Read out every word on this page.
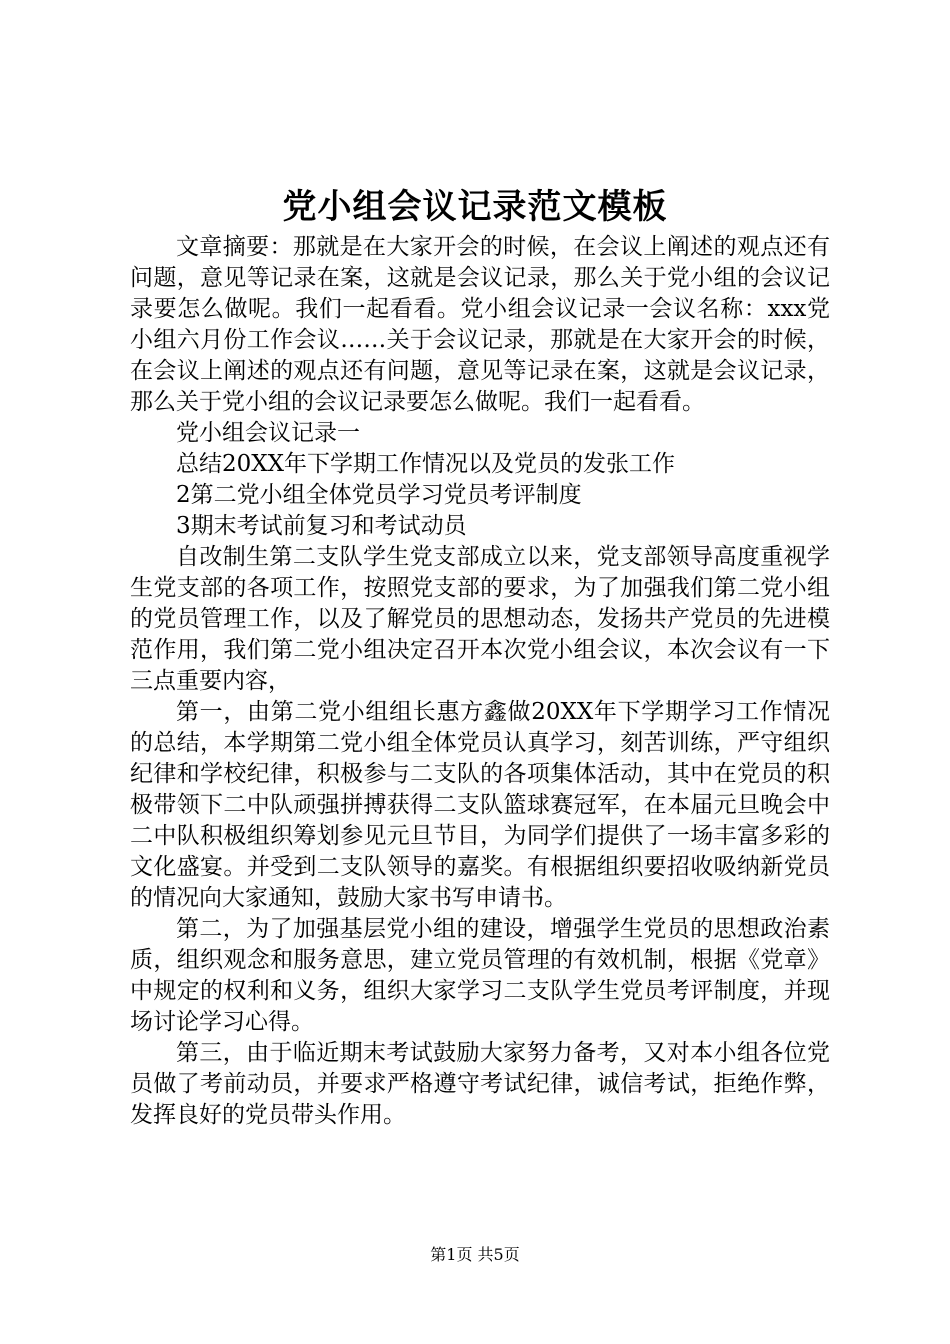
党小组会议记录范文模板

文章摘要：那就是在大家开会的时候，在会议上阐述的观点还有问题，意见等记录在案，这就是会议记录，那么关于党小组的会议记录要怎么做呢。我们一起看看。党小组会议记录一会议名称：xxx党小组六月份工作会议……关于会议记录，那就是在大家开会的时候，在会议上阐述的观点还有问题，意见等记录在案，这就是会议记录，那么关于党小组的会议记录要怎么做呢。我们一起看看。

党小组会议记录一

总结20XX年下学期工作情况以及党员的发张工作

2第二党小组全体党员学习党员考评制度

3期末考试前复习和考试动员

自改制生第二支队学生党支部成立以来，党支部领导高度重视学生党支部的各项工作，按照党支部的要求，为了加强我们第二党小组的党员管理工作，以及了解党员的思想动态，发扬共产党员的先进模范作用，我们第二党小组决定召开本次党小组会议，本次会议有一下三点重要内容，

第一，由第二党小组组长惠方鑫做20XX年下学期学习工作情况的总结，本学期第二党小组全体党员认真学习，刻苦训练，严守组织纪律和学校纪律，积极参与二支队的各项集体活动，其中在党员的积极带领下二中队顽强拼搏获得二支队篮球赛冠军，在本届元旦晚会中二中队积极组织筹划参见元旦节目，为同学们提供了一场丰富多彩的文化盛宴。并受到二支队领导的嘉奖。有根据组织要招收吸纳新党员的情况向大家通知，鼓励大家书写申请书。

第二，为了加强基层党小组的建设，增强学生党员的思想政治素质，组织观念和服务意思，建立党员管理的有效机制，根据《党章》中规定的权利和义务，组织大家学习二支队学生党员考评制度，并现场讨论学习心得。

第三，由于临近期末考试鼓励大家努力备考，又对本小组各位党员做了考前动员，并要求严格遵守考试纪律，诚信考试，拒绝作弊，发挥良好的党员带头作用。

第1页 共5页
